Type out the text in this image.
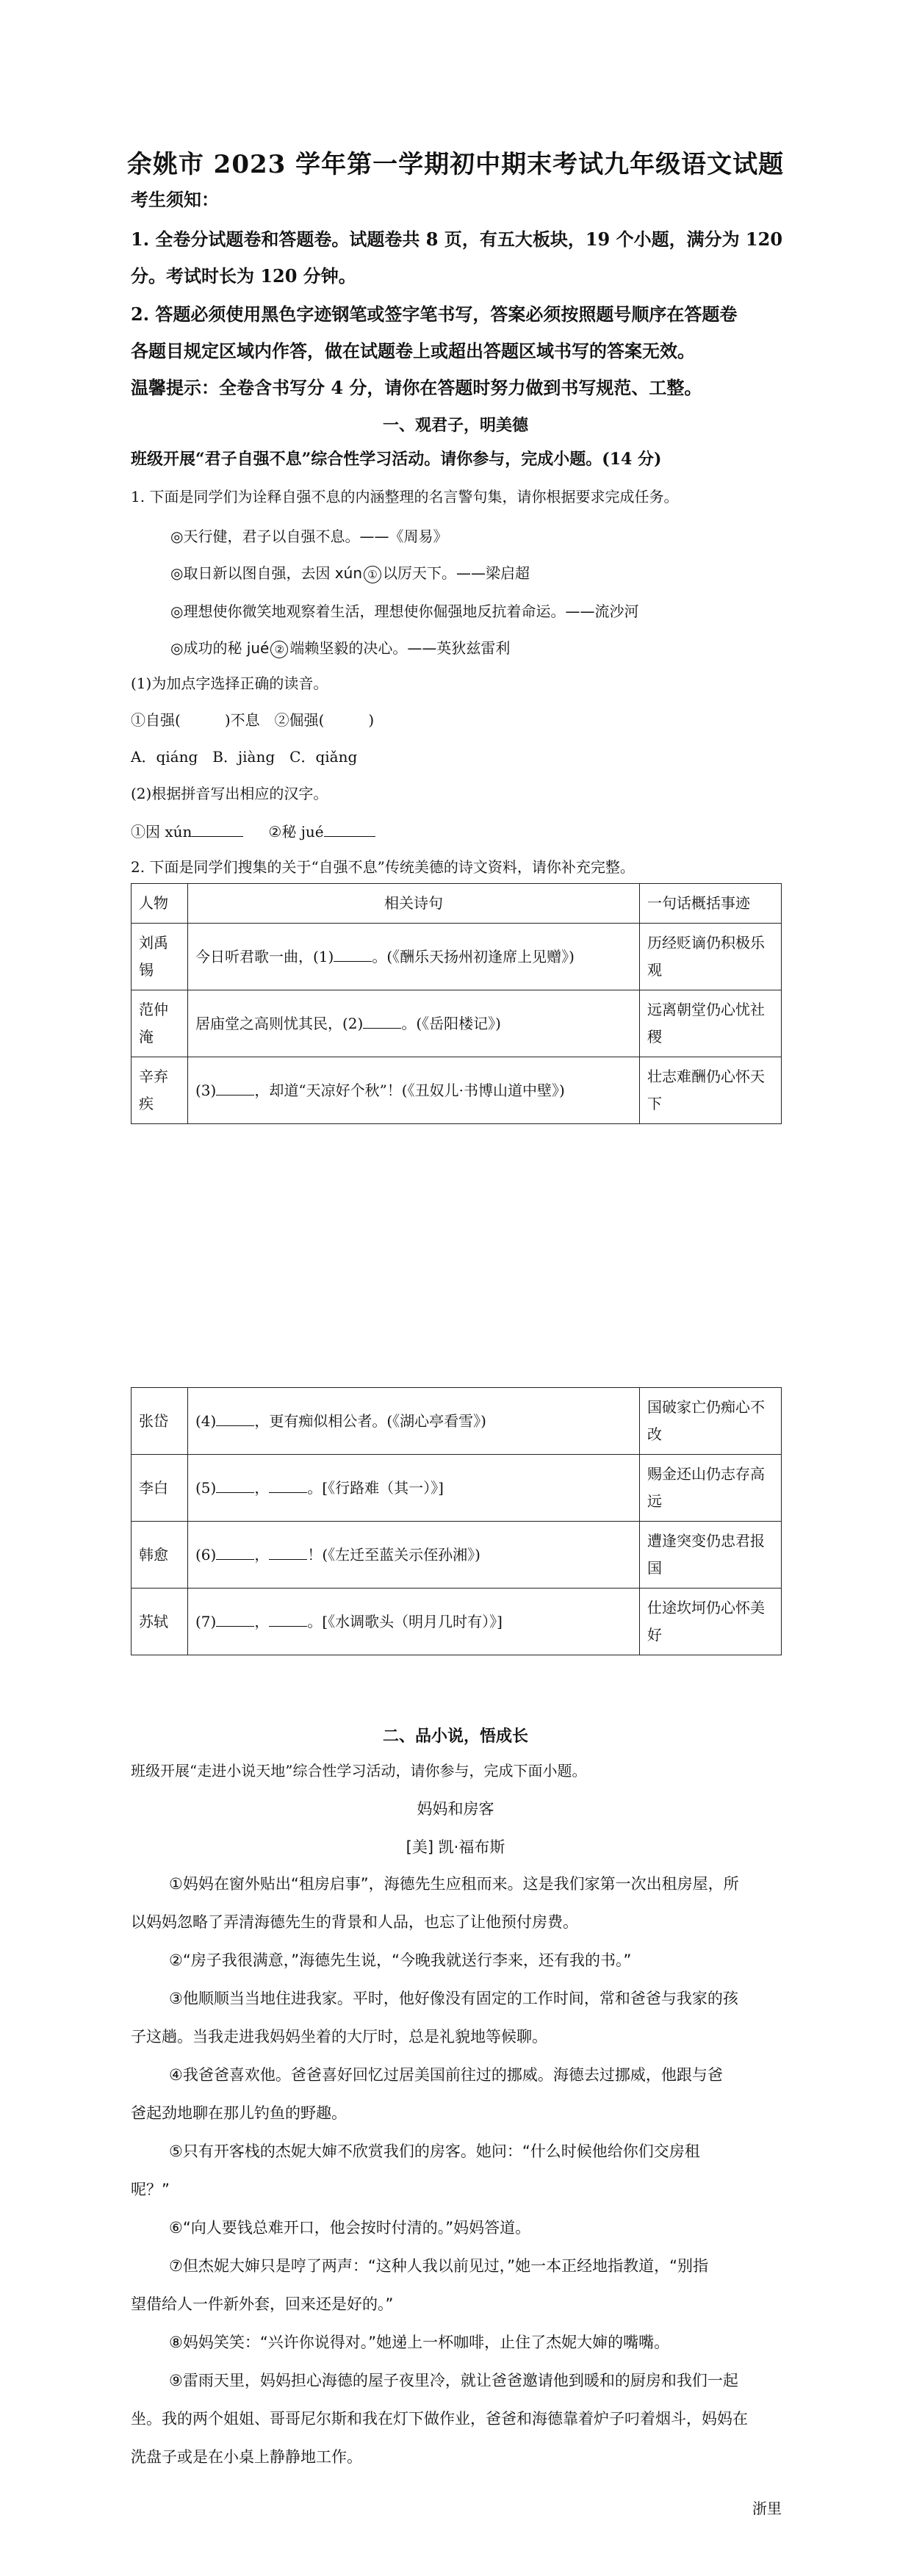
余姚市 2023 学年第一学期初中期末考试九年级语文试题
考生须知：
1. 全卷分试题卷和答题卷。试题卷共 8 页，有五大板块，19 个小题，满分为 120
分。考试时长为 120 分钟。
2. 答题必须使用黑色字迹钢笔或签字笔书写，答案必须按照题号顺序在答题卷
各题目规定区域内作答，做在试题卷上或超出答题区域书写的答案无效。
温馨提示：全卷含书写分 4 分，请你在答题时努力做到书写规范、工整。
一、观君子，明美德
班级开展“君子自强不息”综合性学习活动。请你参与，完成小题。(14 分)
1. 下面是同学们为诠释自强不息的内涵整理的名言警句集，请你根据要求完成任务。
◎天行健，君子以自强不息。——《周易》
◎取日新以图自强，去因 xún ① 以厉天下。——梁启超
◎理想使你微笑地观察着生活，理想使你倔强地反抗着命运。——流沙河
◎成功的秘 jué ② 端赖坚毅的决心。——英狄兹雷利
(1)为加点字选择正确的读音。
①自强(	)不息　②倔强(	)
A．qiáng　B．jiàng　C．qiǎng
(2)根据拼音写出相应的汉字。
①因 xún	②秘 jué
2. 下面是同学们搜集的关于“自强不息”传统美德的诗文资料，请你补充完整。
人物	相关诗句	一句话概括事迹
刘禹锡	今日听君歌一曲，(1) 。(《酬乐天扬州初逢席上见赠》)	历经贬谪仍积极乐观
范仲淹	居庙堂之高则忧其民，(2) 。(《岳阳楼记》)	远离朝堂仍心忧社稷
辛弃疾	(3) ，却道“天凉好个秋”！(《丑奴儿·书博山道中壁》)	壮志难酬仍心怀天下
张岱	(4) ，更有痴似相公者。(《湖心亭看雪》)	国破家亡仍痴心不改
李白	(5) ， 。[《行路难（其一）》]	赐金还山仍志存高远
韩愈	(6) ， ！(《左迁至蓝关示侄孙湘》)	遭逢突变仍忠君报国
苏轼	(7) ， 。[《水调歌头（明月几时有）》]	仕途坎坷仍心怀美好
二、品小说，悟成长
班级开展“走进小说天地”综合性学习活动，请你参与，完成下面小题。
妈妈和房客
[美] 凯·福布斯

①妈妈在窗外贴出“租房启事”，海德先生应租而来。这是我们家第一次出租房屋，所

以妈妈忽略了弄清海德先生的背景和人品，也忘了让他预付房费。

②“房子我很满意，”海德先生说，“今晚我就送行李来，还有我的书。”

③他顺顺当当地住进我家。平时，他好像没有固定的工作时间，常和爸爸与我家的孩

子这趟。当我走进我妈妈坐着的大厅时，总是礼貌地等候聊。

④我爸爸喜欢他。爸爸喜好回忆过居美国前往过的挪威。海德去过挪威，他跟与爸

爸起劲地聊在那儿钓鱼的野趣。

⑤只有开客栈的杰妮大婶不欣赏我们的房客。她问：“什么时候他给你们交房租

呢？”

⑥“向人要钱总难开口，他会按时付清的。”妈妈答道。

⑦但杰妮大婶只是哼了两声：“这种人我以前见过，”她一本正经地指教道，“别指

望借给人一件新外套，回来还是好的。”

⑧妈妈笑笑：“兴许你说得对。”她递上一杯咖啡，止住了杰妮大婶的嘴嘴。

⑨雷雨天里，妈妈担心海德的屋子夜里冷，就让爸爸邀请他到暖和的厨房和我们一起

坐。我的两个姐姐、哥哥尼尔斯和我在灯下做作业，爸爸和海德靠着炉子叼着烟斗，妈妈在

洗盘子或是在小桌上静静地工作。

浙里
